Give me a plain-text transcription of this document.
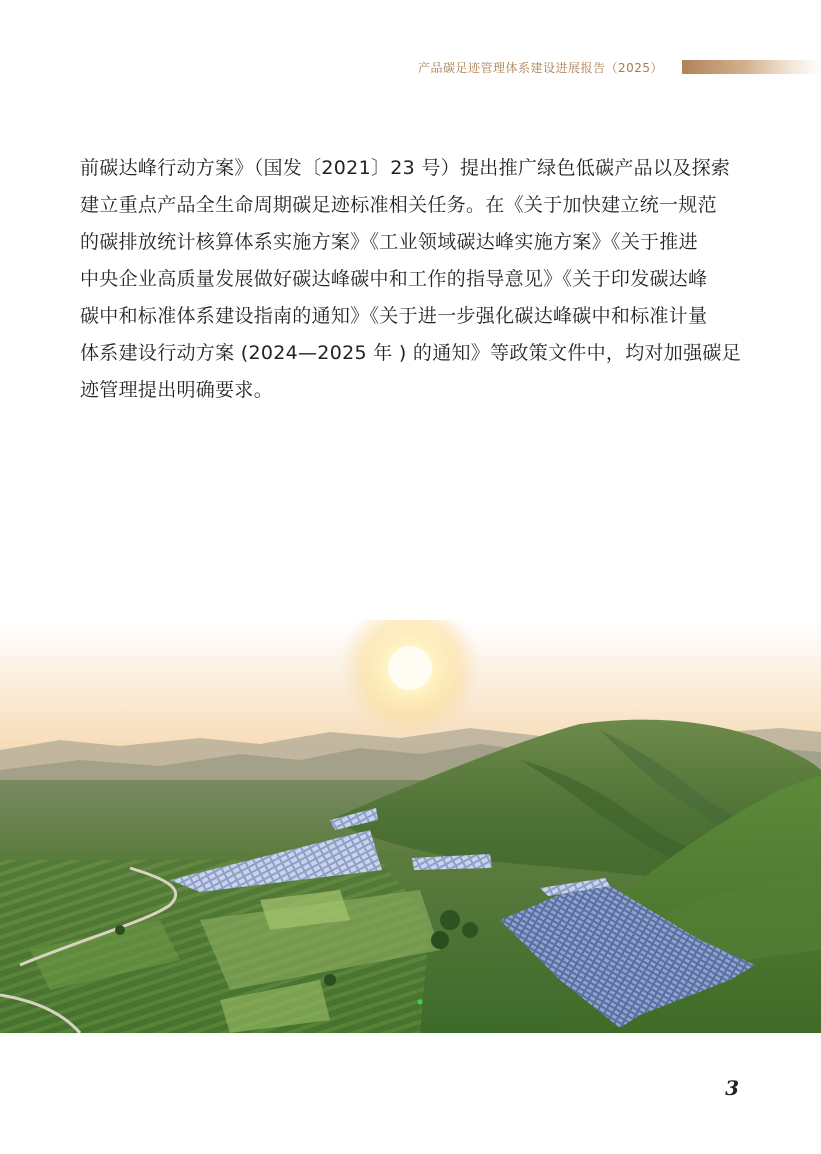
产品碳足迹管理体系建设进展报告（2025）
前碳达峰行动方案》（国发〔2021〕23 号）提出推广绿色低碳产品以及探索
建立重点产品全生命周期碳足迹标准相关任务。在《关于加快建立统一规范
的碳排放统计核算体系实施方案》《工业领域碳达峰实施方案》《关于推进
中央企业高质量发展做好碳达峰碳中和工作的指导意见》《关于印发碳达峰
碳中和标准体系建设指南的通知》《关于进一步强化碳达峰碳中和标准计量
体系建设行动方案 (2024—2025 年 ) 的通知》等政策文件中，均对加强碳足
迹管理提出明确要求。
3
